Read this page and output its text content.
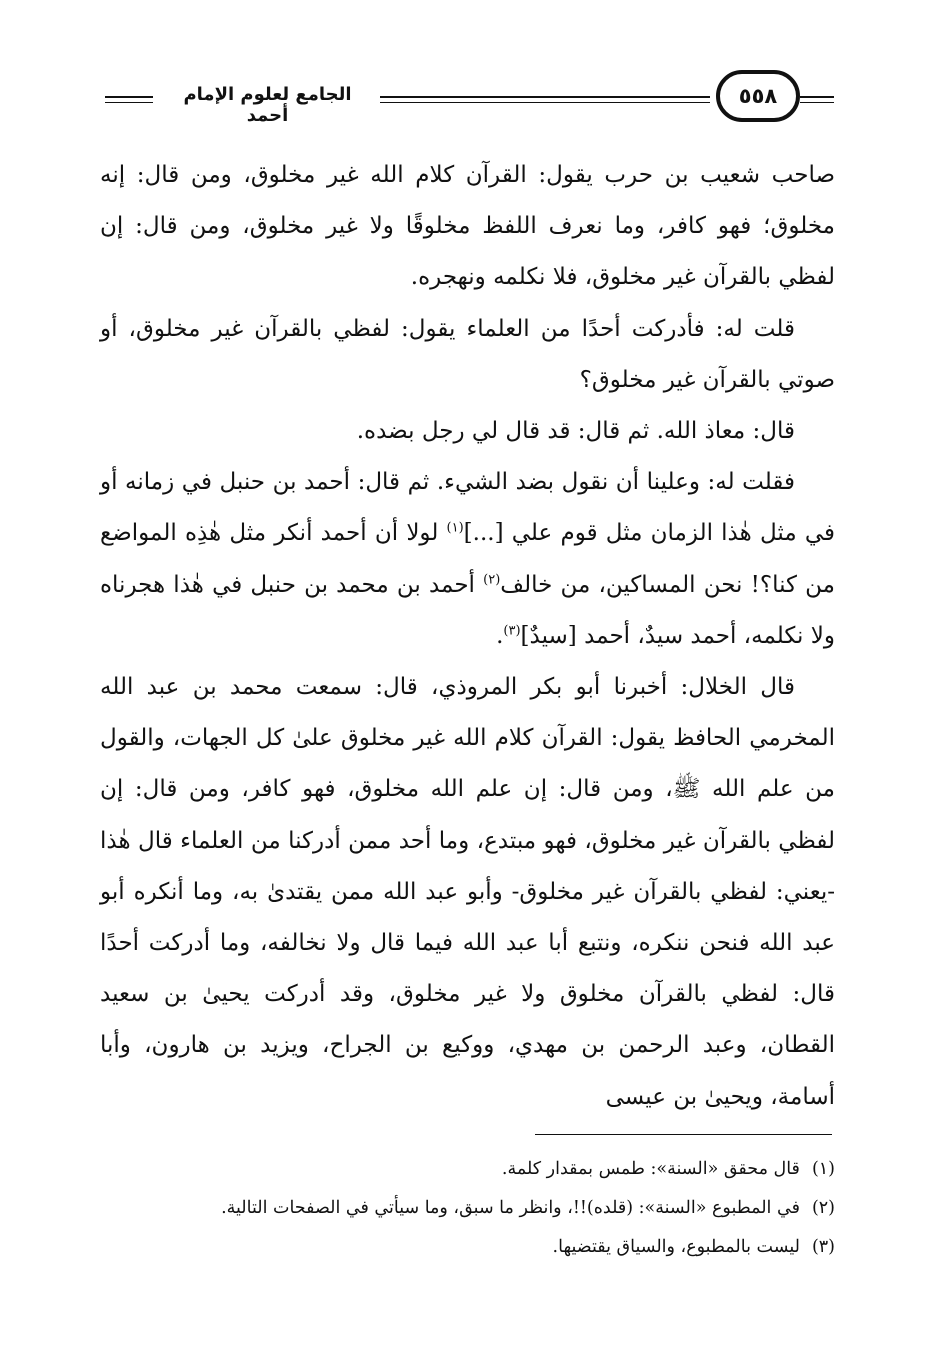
الجامع لعلوم الإمام أحمد
٥٥٨

صاحب شعيب بن حرب يقول: القرآن كلام الله غير مخلوق، ومن قال: إنه مخلوق؛ فهو كافر، وما نعرف اللفظ مخلوقًا ولا غير مخلوق، ومن قال: إن لفظي بالقرآن غير مخلوق، فلا نكلمه ونهجره.

قلت له: فأدركت أحدًا من العلماء يقول: لفظي بالقرآن غير مخلوق، أو صوتي بالقرآن غير مخلوق؟

قال: معاذ الله. ثم قال: قد قال لي رجل بضده.

فقلت له: وعلينا أن نقول بضد الشيء. ثم قال: أحمد بن حنبل في زمانه أو في مثل هٰذا الزمان مثل قوم علي [...]$^{(١)}$ لولا أن أحمد أنكر مثل هٰذِه المواضع من كنا؟! نحن المساكين، من خالف$^{(٢)}$ أحمد بن محمد بن حنبل في هٰذا هجرناه ولا نكلمه، أحمد سيدٌ، أحمد [سيدٌ]$^{(٣)}$.

قال الخلال: أخبرنا أبو بكر المروذي، قال: سمعت محمد بن عبد الله المخرمي الحافظ يقول: القرآن كلام الله غير مخلوق علىٰ كل الجهات، والقول من علم الله ﷺ، ومن قال: إن علم الله مخلوق، فهو كافر، ومن قال: إن لفظي بالقرآن غير مخلوق، فهو مبتدع، وما أحد ممن أدركنا من العلماء قال هٰذا -يعني: لفظي بالقرآن غير مخلوق- وأبو عبد الله ممن يقتدىٰ به، وما أنكره أبو عبد الله فنحن ننكره، ونتبع أبا عبد الله فيما قال ولا نخالفه، وما أدركت أحدًا قال: لفظي بالقرآن مخلوق ولا غير مخلوق، وقد أدركت يحيىٰ بن سعيد القطان، وعبد الرحمن بن مهدي، ووكيع بن الجراح، ويزيد بن هارون، وأبا أسامة، ويحيىٰ بن عيسى

(١)قال محقق «السنة»: طمس بمقدار كلمة.

(٢)في المطبوع «السنة»: (قلده)!!، وانظر ما سبق، وما سيأتي في الصفحات التالية.

(٣)ليست بالمطبوع، والسياق يقتضيها.
